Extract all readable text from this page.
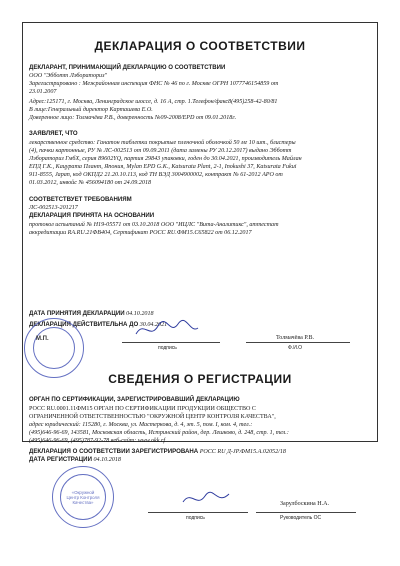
ДЕКЛАРАЦИЯ О СООТВЕТСТВИИ
ДЕКЛАРАНТ, ПРИНИМАЮЩИЙ ДЕКЛАРАЦИЮ О СООТВЕТСТВИИ
ООО "Эбботт Лэбораториз"
Зарегистрировано : Межрайонная инспекция ФНС № 46 по г. Москве ОГРН 1077746154859 от
23.01.2007
Адрес:125171, г. Москва, Ленинградское шоссе, д. 16 А, стр. 1.Телефон/факс8(495)258-42-80/81
В лице:Генеральный директор Карташева Е.О.
Доверенное лицо: Толмачёва Р.В., доверенность №09-2008/EPD от 09.01.2018г.
ЗАЯВЛЯЕТ, ЧТО
лекарственное средство: Ганатон таблетки покрытые пленочной оболочкой 50 мг 10 шт., блистеры
(4), пачки картонные, РУ № ЛС-002513 от 09.09.2011 (дата замены РУ 20.12.2017) выдано Эбботт
Лэбораториз ГмбХ, серия 89602YQ, партия 29843 упаковки, годен до 30.04.2021, производитель Майлан
ЕПД Г.К., Кацурата Плант, Япония, Mylan EPD G.K., Katsurata Plant, 2-1, Inokushi 37, Katsurata Fukui
911-8555, Japan, код ОКПД2 21.20.10.113, код ТН ВЭД 3004900002, контракт № 61-2012 АРО от
01.03.2012, инвойс № 456094180 от 24.09.2018
СООТВЕТСТВУЕТ ТРЕБОВАНИЯМ
ЛС-002513-201217
ДЕКЛАРАЦИЯ ПРИНЯТА НА ОСНОВАНИИ
протокол испытаний № Н19-05571 от 03.10.2018 ООО "ИЦЛС "Вита-Аналитикс", аттестат
аккредитации RA.RU.21ФВ404, Сертификат РОСС RU.ФМ15.C65822 от 06.12.2017
ДАТА ПРИНЯТИЯ ДЕКЛАРАЦИИ 04.10.2018
ДЕКЛАРАЦИЯ ДЕЙСТВИТЕЛЬНА ДО 30.04.2021
М.П.
подпись
Толмачёва Р.В.
Ф.И.О
СВЕДЕНИЯ О РЕГИСТРАЦИИ
ОРГАН ПО СЕРТИФИКАЦИИ, ЗАРЕГИСТРИРОВАВШИЙ ДЕКЛАРАЦИЮ
РОСС RU.0001.11ФМ15 ОРГАН ПО СЕРТИФИКАЦИИ ПРОДУКЦИИ ОБЩЕСТВО С
ОГРАНИЧЕННОЙ ОТВЕТСТВЕННОСТЬЮ "ОКРУЖНОЙ ЦЕНТР КОНТРОЛЯ КАЧЕСТВА",
адрес юридический: 115280, г. Москва, ул. Мастеркова, д. 4, эт. 5, пом. I, ком. 4, тел.:
(495)646-96-69, 143581, Московская область, Истринский район, дер. Лешково, д. 248, стр. 1, тел.:
(495)646-96-69, (495)787-92-78 веб-сайт: www.okk.rf
ДЕКЛАРАЦИЯ О СООТВЕТСТВИИ ЗАРЕГИСТРИРОВАНА РОСС RU Д-JP.ФМ15.А.02052/18
ДАТА РЕГИСТРАЦИИ 04.10.2018
«Окружной Центр Контроля Качества»
подпись
Зарулбоскина Н.А.
Руководитель ОС
